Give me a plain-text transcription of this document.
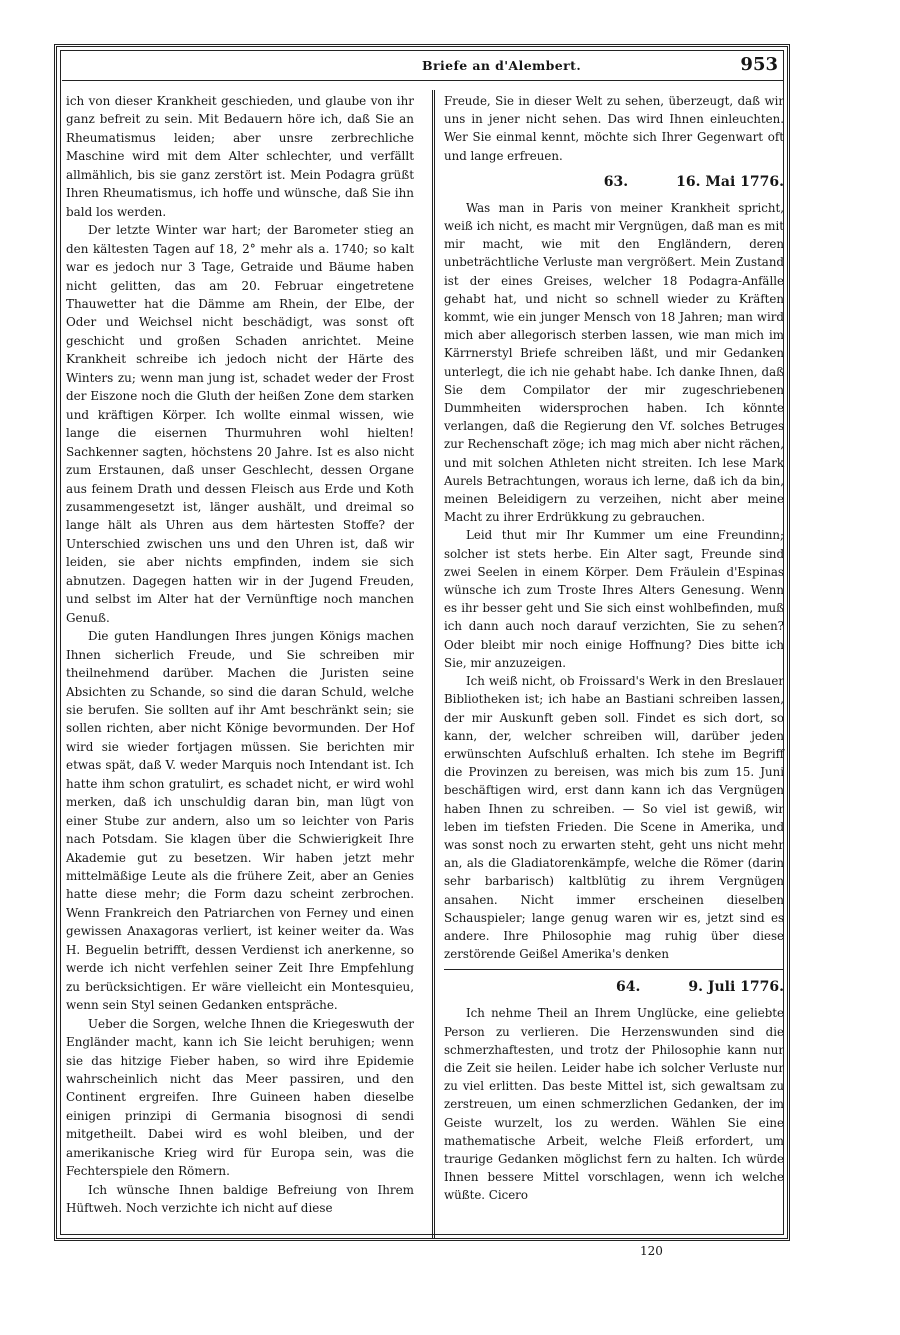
Briefe an d'Alembert.	953

ich von dieser Krankheit geschieden, und glaube von ihr ganz befreit zu sein. Mit Bedauern höre ich, daß Sie an Rheumatismus leiden; aber unsre zerbrechliche Maschine wird mit dem Alter schlechter, und verfällt allmählich, bis sie ganz zerstört ist. Mein Podagra grüßt Ihren Rheumatismus, ich hoffe und wünsche, daß Sie ihn bald los werden.

Der letzte Winter war hart; der Barometer stieg an den kältesten Tagen auf 18, 2° mehr als a. 1740; so kalt war es jedoch nur 3 Tage, Getraide und Bäume haben nicht gelitten, das am 20. Februar eingetretene Thauwetter hat die Dämme am Rhein, der Elbe, der Oder und Weichsel nicht beschädigt, was sonst oft geschicht und großen Schaden anrichtet. Meine Krankheit schreibe ich jedoch nicht der Härte des Winters zu; wenn man jung ist, schadet weder der Frost der Eiszone noch die Gluth der heißen Zone dem starken und kräftigen Körper. Ich wollte einmal wissen, wie lange die eisernen Thurmuhren wohl hielten! Sachkenner sagten, höchstens 20 Jahre. Ist es also nicht zum Erstaunen, daß unser Geschlecht, dessen Organe aus feinem Drath und dessen Fleisch aus Erde und Koth zusammengesetzt ist, länger aushält, und dreimal so lange hält als Uhren aus dem härtesten Stoffe? der Unterschied zwischen uns und den Uhren ist, daß wir leiden, sie aber nichts empfinden, indem sie sich abnutzen. Dagegen hatten wir in der Jugend Freuden, und selbst im Alter hat der Vernünftige noch manchen Genuß.

Die guten Handlungen Ihres jungen Königs machen Ihnen sicherlich Freude, und Sie schreiben mir theilnehmend darüber. Machen die Juristen seine Absichten zu Schande, so sind die daran Schuld, welche sie berufen. Sie sollten auf ihr Amt beschränkt sein; sie sollen richten, aber nicht Könige bevormunden. Der Hof wird sie wieder fortjagen müssen. Sie berichten mir etwas spät, daß V. weder Marquis noch Intendant ist. Ich hatte ihm schon gratulirt, es schadet nicht, er wird wohl merken, daß ich unschuldig daran bin, man lügt von einer Stube zur andern, also um so leichter von Paris nach Potsdam. Sie klagen über die Schwierigkeit Ihre Akademie gut zu besetzen. Wir haben jetzt mehr mittelmäßige Leute als die frühere Zeit, aber an Genies hatte diese mehr; die Form dazu scheint zerbrochen. Wenn Frankreich den Patriarchen von Ferney und einen gewissen Anaxagoras verliert, ist keiner weiter da. Was H. Beguelin betrifft, dessen Verdienst ich anerkenne, so werde ich nicht verfehlen seiner Zeit Ihre Empfehlung zu berücksichtigen. Er wäre vielleicht ein Montesquieu, wenn sein Styl seinen Gedanken entspräche.

Ueber die Sorgen, welche Ihnen die Kriegeswuth der Engländer macht, kann ich Sie leicht beruhigen; wenn sie das hitzige Fieber haben, so wird ihre Epidemie wahrscheinlich nicht das Meer passiren, und den Continent ergreifen. Ihre Guineen haben dieselbe einigen prinzipi di Germania bisognosi di sendi mitgetheilt. Dabei wird es wohl bleiben, und der amerikanische Krieg wird für Europa sein, was die Fechterspiele den Römern.

Ich wünsche Ihnen baldige Befreiung von Ihrem Hüftweh. Noch verzichte ich nicht auf diese

Freude, Sie in dieser Welt zu sehen, überzeugt, daß wir uns in jener nicht sehen. Das wird Ihnen einleuchten. Wer Sie einmal kennt, möchte sich Ihrer Gegenwart oft und lange erfreuen.

63.	16. Mai 1776.

Was man in Paris von meiner Krankheit spricht, weiß ich nicht, es macht mir Vergnügen, daß man es mit mir macht, wie mit den Engländern, deren unbeträchtliche Verluste man vergrößert. Mein Zustand ist der eines Greises, welcher 18 Podagra-Anfälle gehabt hat, und nicht so schnell wieder zu Kräften kommt, wie ein junger Mensch von 18 Jahren; man wird mich aber allegorisch sterben lassen, wie man mich im Kärrnerstyl Briefe schreiben läßt, und mir Gedanken unterlegt, die ich nie gehabt habe. Ich danke Ihnen, daß Sie dem Compilator der mir zugeschriebenen Dummheiten widersprochen haben. Ich könnte verlangen, daß die Regierung den Vf. solches Betruges zur Rechenschaft zöge; ich mag mich aber nicht rächen, und mit solchen Athleten nicht streiten. Ich lese Mark Aurels Betrachtungen, woraus ich lerne, daß ich da bin, meinen Beleidigern zu verzeihen, nicht aber meine Macht zu ihrer Erdrükkung zu gebrauchen.

Leid thut mir Ihr Kummer um eine Freundinn; solcher ist stets herbe. Ein Alter sagt, Freunde sind zwei Seelen in einem Körper. Dem Fräulein d'Espinas wünsche ich zum Troste Ihres Alters Genesung. Wenn es ihr besser geht und Sie sich einst wohlbefinden, muß ich dann auch noch darauf verzichten, Sie zu sehen? Oder bleibt mir noch einige Hoffnung? Dies bitte ich Sie, mir anzuzeigen.

Ich weiß nicht, ob Froissard's Werk in den Breslauer Bibliotheken ist; ich habe an Bastiani schreiben lassen, der mir Auskunft geben soll. Findet es sich dort, so kann, der, welcher schreiben will, darüber jeden erwünschten Aufschluß erhalten. Ich stehe im Begriff die Provinzen zu bereisen, was mich bis zum 15. Juni beschäftigen wird, erst dann kann ich das Vergnügen haben Ihnen zu schreiben. — So viel ist gewiß, wir leben im tiefsten Frieden. Die Scene in Amerika, und was sonst noch zu erwarten steht, geht uns nicht mehr an, als die Gladiatorenkämpfe, welche die Römer (darin sehr barbarisch) kaltblütig zu ihrem Vergnügen ansahen. Nicht immer erscheinen dieselben Schauspieler; lange genug waren wir es, jetzt sind es andere. Ihre Philosophie mag ruhig über diese zerstörende Geißel Amerika's denken

64.	9. Juli 1776.

Ich nehme Theil an Ihrem Unglücke, eine geliebte Person zu verlieren. Die Herzenswunden sind die schmerzhaftesten, und trotz der Philosophie kann nur die Zeit sie heilen. Leider habe ich solcher Verluste nur zu viel erlitten. Das beste Mittel ist, sich gewaltsam zu zerstreuen, um einen schmerzlichen Gedanken, der im Geiste wurzelt, los zu werden. Wählen Sie eine mathematische Arbeit, welche Fleiß erfordert, um traurige Gedanken möglichst fern zu halten. Ich würde Ihnen bessere Mittel vorschlagen, wenn ich welche wüßte. Cicero

120
